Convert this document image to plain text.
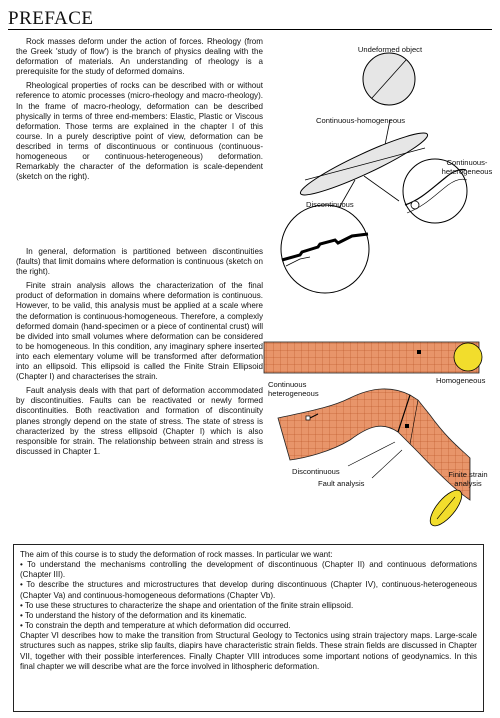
PREFACE

Rock masses deform under the action of forces. Rheology (from the Greek 'study of flow') is the branch of physics dealing with the deformation of materials. An understanding of rheology is a prerequisite for the study of deformed domains.

Rheological properties of rocks can be described with or without reference to atomic processes (micro-rheology and macro-rheology). In the frame of macro-rheology, deformation can be described physically in terms of three end-members: Elastic, Plastic or Viscous deformation. Those terms are explained in the chapter I of this course. In a purely descriptive point of view, deformation can be described in terms of discontinuous or continuous (continuous-homogeneous or continuous-heterogeneous) deformation. Remarkably the character of the deformation is scale-dependent (sketch on the right).

In general, deformation is partitioned between discontinuities (faults) that limit domains where deformation is continuous (sketch on the right).

Finite strain analysis allows the characterization of the final product of deformation in domains where deformation is continuous. However, to be valid, this analysis must be applied at a scale where the deformation is continuous-homogeneous. Therefore, a complexly deformed domain (hand-specimen or a piece of continental crust) will be divided into small volumes where deformation can be considered to be homogeneous. In this condition, any imaginary sphere inserted into each elementary volume will be transformed after deformation into an ellipsoid. This ellipsoid is called the Finite Strain Ellipsoid (Chapter I) and characterises the strain.

Fault analysis deals with that part of deformation accommodated by discontinuities. Faults can be reactivated or newly formed discontinuities. Both reactivation and formation of discontinuity planes strongly depend on the state of stress. The state of stress is characterized by the stress ellipsoid (Chapter I) which is also responsible for strain. The relationship between strain and stress is discussed in Chapter 1.

Undeformed object
Continuous-homogeneous
Continuous-
heterogeneous
Discontinuous
Homogeneous
Continuous
heterogeneous
Finite strain
analysis
Discontinuous
Fault analysis

The aim of this course is to study the deformation of rock masses. In particular we want:

• To understand the mechanisms controlling the development of discontinuous (Chapter II) and continuous deformations (Chapter III).
• To describe the structures and microstructures that develop during discontinuous (Chapter IV), continuous-heterogeneous (Chapter Va) and continuous-homogeneous deformations (Chapter Vb).
• To use these structures to characterize the shape and orientation of the finite strain ellipsoid.
• To understand the history of the deformation and its kinematic.
• To constrain the depth and temperature at which deformation did occurred.

Chapter VI describes how to make the transition from Structural Geology to Tectonics using strain trajectory maps. Large-scale structures such as nappes, strike slip faults, diapirs have characteristic strain fields. These strain fields are discussed in Chapter VII, together with their possible interferences. Finally Chapter VIII introduces some important notions of geodynamics. In this final chapter we will describe what are the force involved in lithospheric deformation.
